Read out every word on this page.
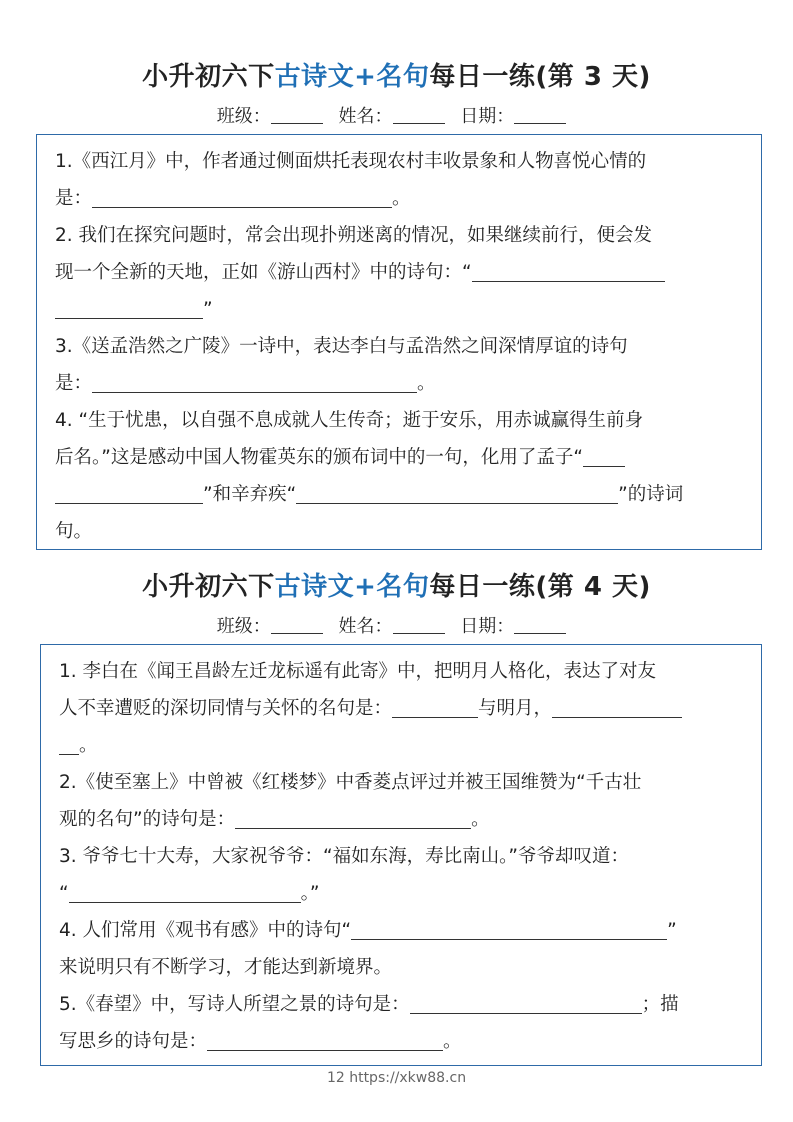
小升初六下古诗文+名句每日一练(第 3 天)
班级：	姓名：	日期：
1.《西江月》中，作者通过侧面烘托表现农村丰收景象和人物喜悦心情的
是：	。
2. 我们在探究问题时，常会出现扑朔迷离的情况，如果继续前行，便会发
现一个全新的天地，正如《游山西村》中的诗句：“
”
3.《送孟浩然之广陵》一诗中，表达李白与孟浩然之间深情厚谊的诗句
是：	。
4. “生于忧患，以自强不息成就人生传奇；逝于安乐，用赤诚赢得生前身
后名。”这是感动中国人物霍英东的颁布词中的一句，化用了孟子“
”和辛弃疾“	”的诗词
句。
小升初六下古诗文+名句每日一练(第 4 天)
班级：	姓名：	日期：
1. 李白在《闻王昌龄左迁龙标遥有此寄》中，把明月人格化，表达了对友
人不幸遭贬的深切同情与关怀的名句是：	与明月，
。
2.《使至塞上》中曾被《红楼梦》中香菱点评过并被王国维赞为“千古壮
观的名句”的诗句是：	。
3. 爷爷七十大寿，大家祝爷爷：“福如东海，寿比南山。”爷爷却叹道：
“	。”
4. 人们常用《观书有感》中的诗句“	”
来说明只有不断学习，才能达到新境界。
5.《春望》中，写诗人所望之景的诗句是：	；描
写思乡的诗句是：	。
12 https://xkw88.cn
